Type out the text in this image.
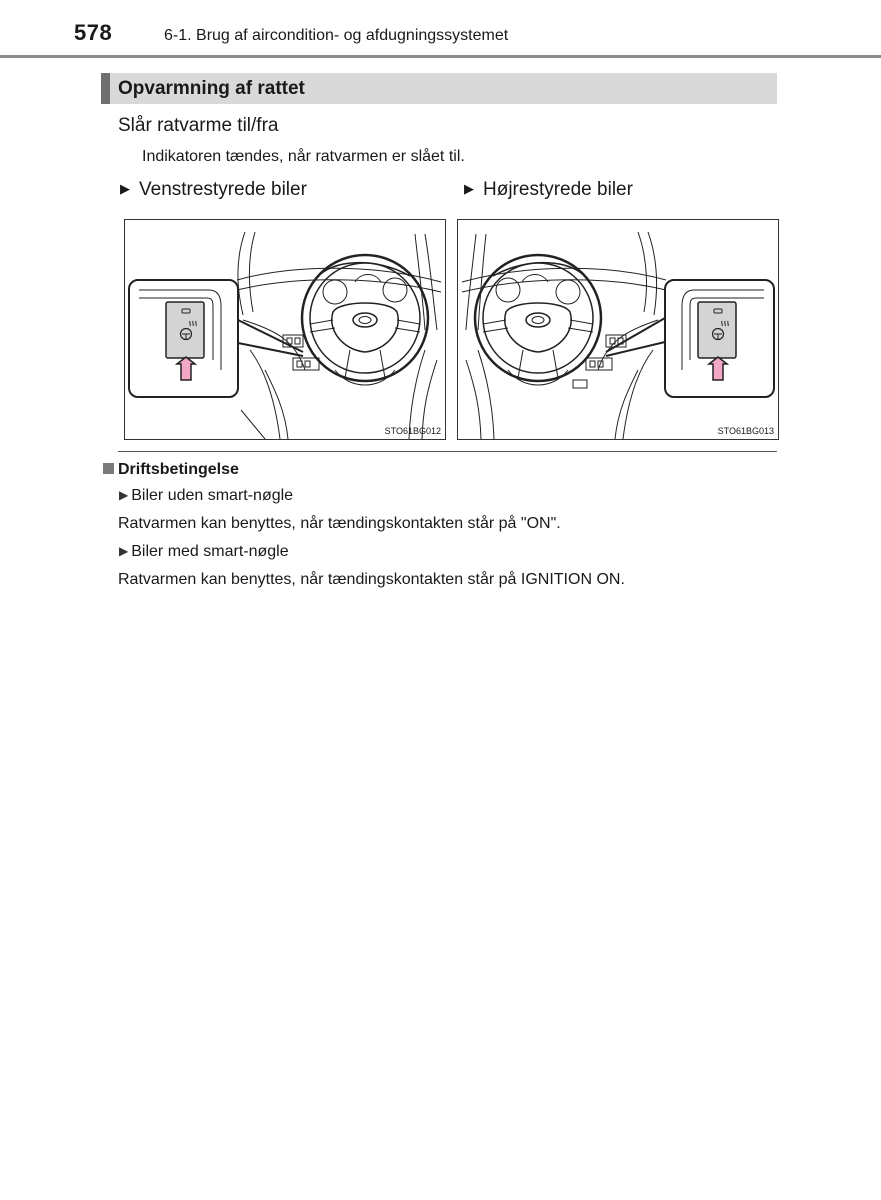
578	6-1. Brug af aircondition- og afdugningssystemet
Opvarmning af rattet
Slår ratvarme til/fra
Indikatoren tændes, når ratvarmen er slået til.
▶ Venstrestyrede biler	▶ Højrestyrede biler
STO61BG012	STO61BG013
Driftsbetingelse
▶ Biler uden smart-nøgle
Ratvarmen kan benyttes, når tændingskontakten står på "ON".
▶ Biler med smart-nøgle
Ratvarmen kan benyttes, når tændingskontakten står på IGNITION ON.
